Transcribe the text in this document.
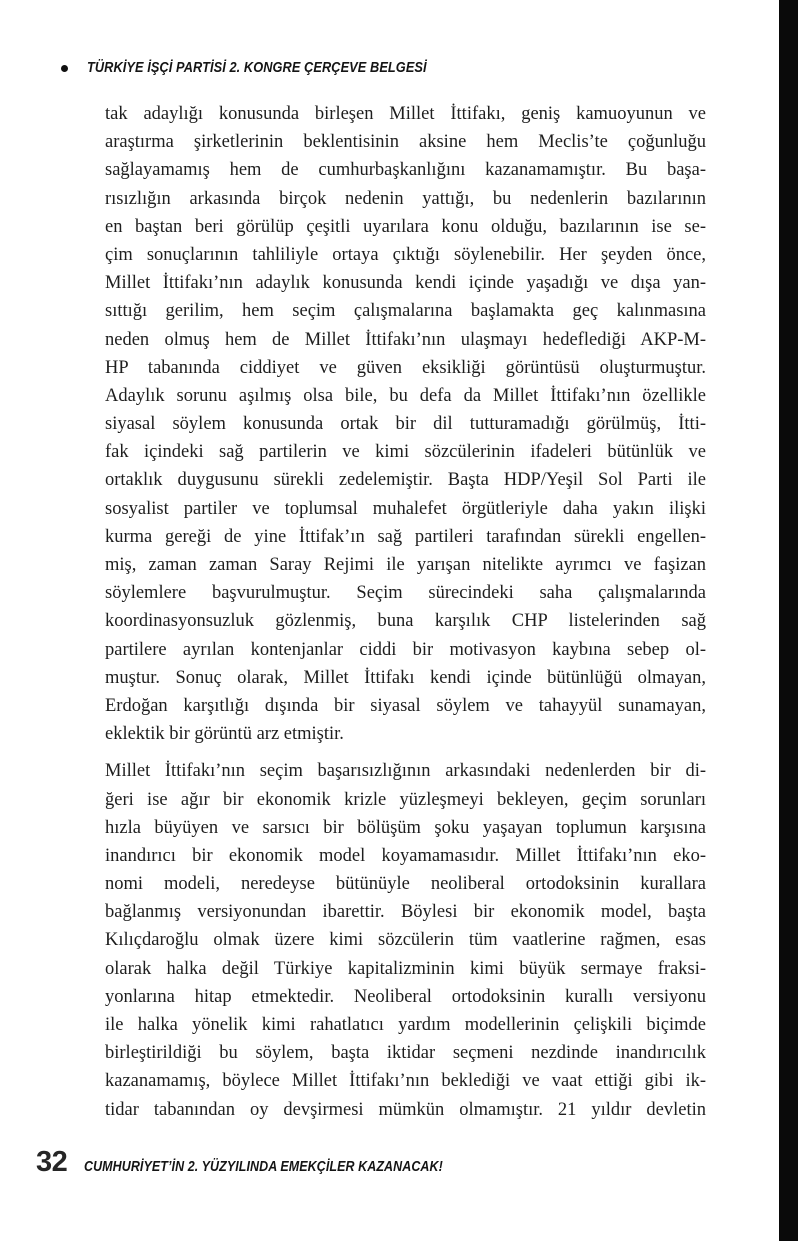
TÜRKİYE İŞÇİ PARTİSİ 2. KONGRE ÇERÇEVE BELGESİ
tak adaylığı konusunda birleşen Millet İttifakı, geniş kamuoyunun ve
araştırma şirketlerinin beklentisinin aksine hem Meclis’te çoğunluğu
sağlayamamış hem de cumhurbaşkanlığını kazanamamıştır. Bu başa-
rısızlığın arkasında birçok nedenin yattığı, bu nedenlerin bazılarının
en baştan beri görülüp çeşitli uyarılara konu olduğu, bazılarının ise se-
çim sonuçlarının tahliliyle ortaya çıktığı söylenebilir. Her şeyden önce,
Millet İttifakı’nın adaylık konusunda kendi içinde yaşadığı ve dışa yan-
sıttığı gerilim, hem seçim çalışmalarına başlamakta geç kalınmasına
neden olmuş hem de Millet İttifakı’nın ulaşmayı hedeflediği AKP-M-
HP tabanında ciddiyet ve güven eksikliği görüntüsü oluşturmuştur.
Adaylık sorunu aşılmış olsa bile, bu defa da Millet İttifakı’nın özellikle
siyasal söylem konusunda ortak bir dil tutturamadığı görülmüş, İtti-
fak içindeki sağ partilerin ve kimi sözcülerinin ifadeleri bütünlük ve
ortaklık duygusunu sürekli zedelemiştir. Başta HDP/Yeşil Sol Parti ile
sosyalist partiler ve toplumsal muhalefet örgütleriyle daha yakın ilişki
kurma gereği de yine İttifak’ın sağ partileri tarafından sürekli engellen-
miş, zaman zaman Saray Rejimi ile yarışan nitelikte ayrımcı ve faşizan
söylemlere başvurulmuştur. Seçim sürecindeki saha çalışmalarında
koordinasyonsuzluk gözlenmiş, buna karşılık CHP listelerinden sağ
partilere ayrılan kontenjanlar ciddi bir motivasyon kaybına sebep ol-
muştur. Sonuç olarak, Millet İttifakı kendi içinde bütünlüğü olmayan,
Erdoğan karşıtlığı dışında bir siyasal söylem ve tahayyül sunamayan,
eklektik bir görüntü arz etmiştir.
Millet İttifakı’nın seçim başarısızlığının arkasındaki nedenlerden bir di-
ğeri ise ağır bir ekonomik krizle yüzleşmeyi bekleyen, geçim sorunları
hızla büyüyen ve sarsıcı bir bölüşüm şoku yaşayan toplumun karşısına
inandırıcı bir ekonomik model koyamamasıdır. Millet İttifakı’nın eko-
nomi modeli, neredeyse bütünüyle neoliberal ortodoksinin kurallara
bağlanmış versiyonundan ibarettir. Böylesi bir ekonomik model, başta
Kılıçdaroğlu olmak üzere kimi sözcülerin tüm vaatlerine rağmen, esas
olarak halka değil Türkiye kapitalizminin kimi büyük sermaye fraksi-
yonlarına hitap etmektedir. Neoliberal ortodoksinin kurallı versiyonu
ile halka yönelik kimi rahatlatıcı yardım modellerinin çelişkili biçimde
birleştirildiği bu söylem, başta iktidar seçmeni nezdinde inandırıcılık
kazanamamış, böylece Millet İttifakı’nın beklediği ve vaat ettiği gibi ik-
tidar tabanından oy devşirmesi mümkün olmamıştır. 21 yıldır devletin
32 CUMHURİYET’İN 2. YÜZYILINDA EMEKÇİLER KAZANACAK!
